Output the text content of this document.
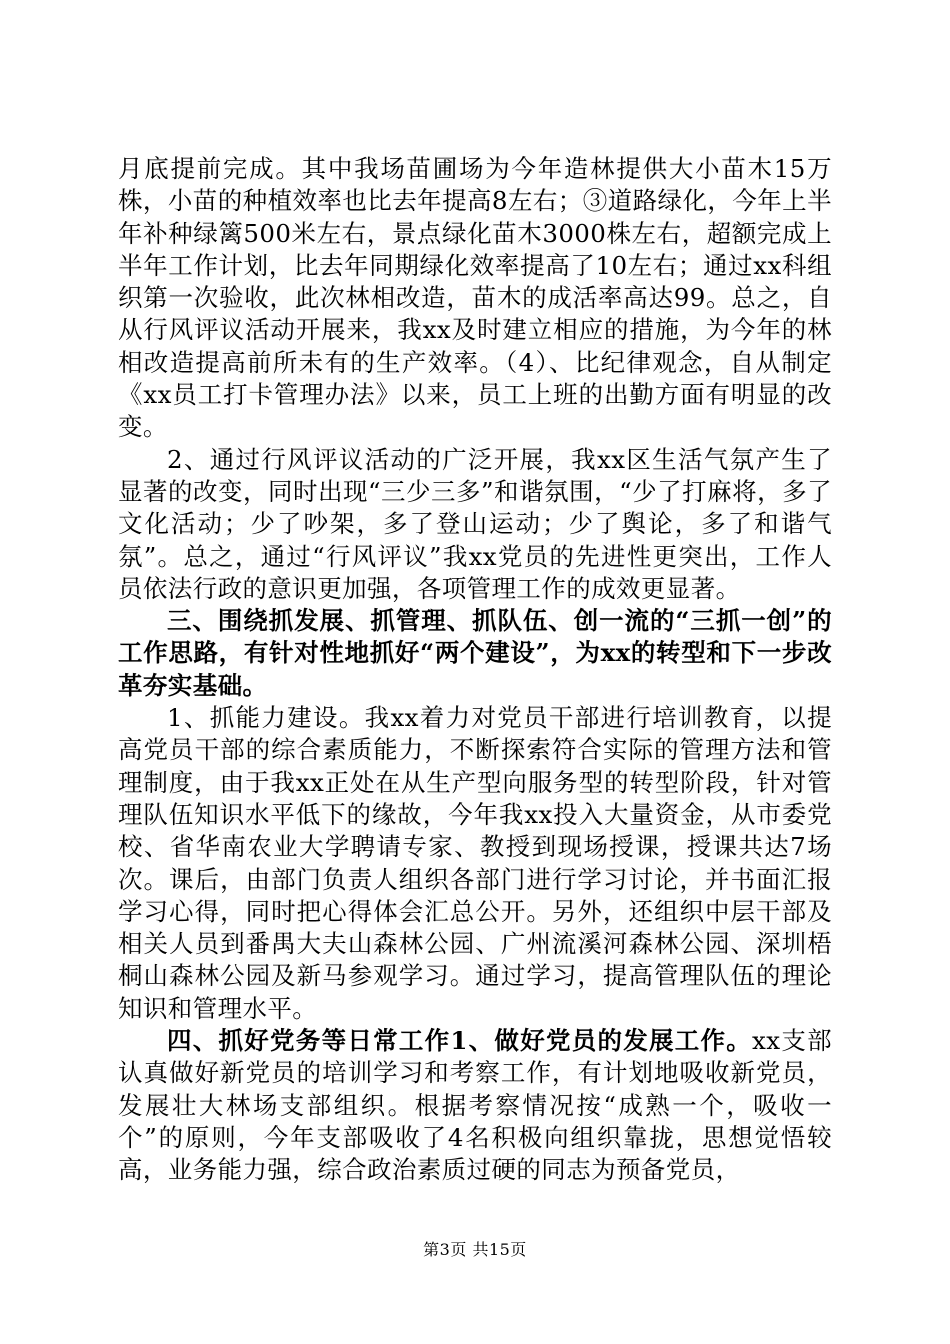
月底提前完成。其中我场苗圃场为今年造林提供大小苗木15万株，小苗的种植效率也比去年提高8左右；③道路绿化，今年上半年补种绿篱500米左右，景点绿化苗木3000株左右，超额完成上半年工作计划，比去年同期绿化效率提高了10左右；通过xx科组织第一次验收，此次林相改造，苗木的成活率高达99。总之，自从行风评议活动开展来，我xx及时建立相应的措施，为今年的林相改造提高前所未有的生产效率。（4）、比纪律观念，自从制定《xx员工打卡管理办法》以来，员工上班的出勤方面有明显的改变。

2、通过行风评议活动的广泛开展，我xx区生活气氛产生了显著的改变，同时出现“三少三多”和谐氛围，“少了打麻将，多了文化活动；少了吵架，多了登山运动；少了舆论，多了和谐气氛”。总之，通过“行风评议”我xx党员的先进性更突出，工作人员依法行政的意识更加强，各项管理工作的成效更显著。

三、围绕抓发展、抓管理、抓队伍、创一流的“三抓一创”的工作思路，有针对性地抓好“两个建设”，为xx的转型和下一步改革夯实基础。

1、抓能力建设。我xx着力对党员干部进行培训教育，以提高党员干部的综合素质能力，不断探索符合实际的管理方法和管理制度，由于我xx正处在从生产型向服务型的转型阶段，针对管理队伍知识水平低下的缘故，今年我xx投入大量资金，从市委党校、省华南农业大学聘请专家、教授到现场授课，授课共达7场次。课后，由部门负责人组织各部门进行学习讨论，并书面汇报学习心得，同时把心得体会汇总公开。另外，还组织中层干部及相关人员到番禺大夫山森林公园、广州流溪河森林公园、深圳梧桐山森林公园及新马参观学习。通过学习，提高管理队伍的理论知识和管理水平。

四、抓好党务等日常工作1、做好党员的发展工作。xx支部认真做好新党员的培训学习和考察工作，有计划地吸收新党员，发展壮大林场支部组织。根据考察情况按“成熟一个，吸收一个”的原则，今年支部吸收了4名积极向组织靠拢，思想觉悟较高，业务能力强，综合政治素质过硬的同志为预备党员，

第3页 共15页
